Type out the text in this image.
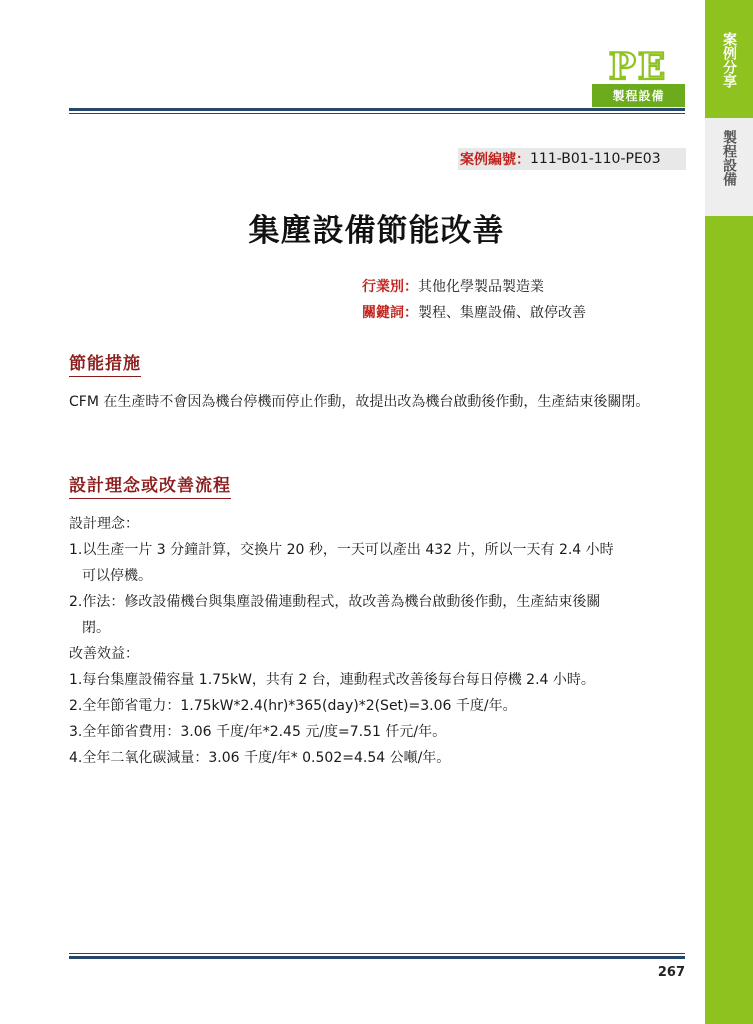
案例分享
製程設備
PE
製程設備
案例編號： 111-B01-110-PE03
集塵設備節能改善
行業別：其他化學製品製造業
關鍵詞：製程、集塵設備、啟停改善
節能措施
CFM 在生產時不會因為機台停機而停止作動，故提出改為機台啟動後作動，生產結束後關閉。
設計理念或改善流程
設計理念：
1.以生產一片 3 分鐘計算，交換片 20 秒，一天可以產出 432 片，所以一天有 2.4 小時
可以停機。
2.作法：修改設備機台與集塵設備連動程式，故改善為機台啟動後作動，生產結束後關
閉。
改善效益：
1.每台集塵設備容量 1.75kW，共有 2 台，連動程式改善後每台每日停機 2.4 小時。
2.全年節省電力：1.75kW*2.4(hr)*365(day)*2(Set)=3.06 千度/年。
3.全年節省費用：3.06 千度/年*2.45 元/度=7.51 仟元/年。
4.全年二氧化碳減量：3.06 千度/年* 0.502=4.54 公噸/年。
267
